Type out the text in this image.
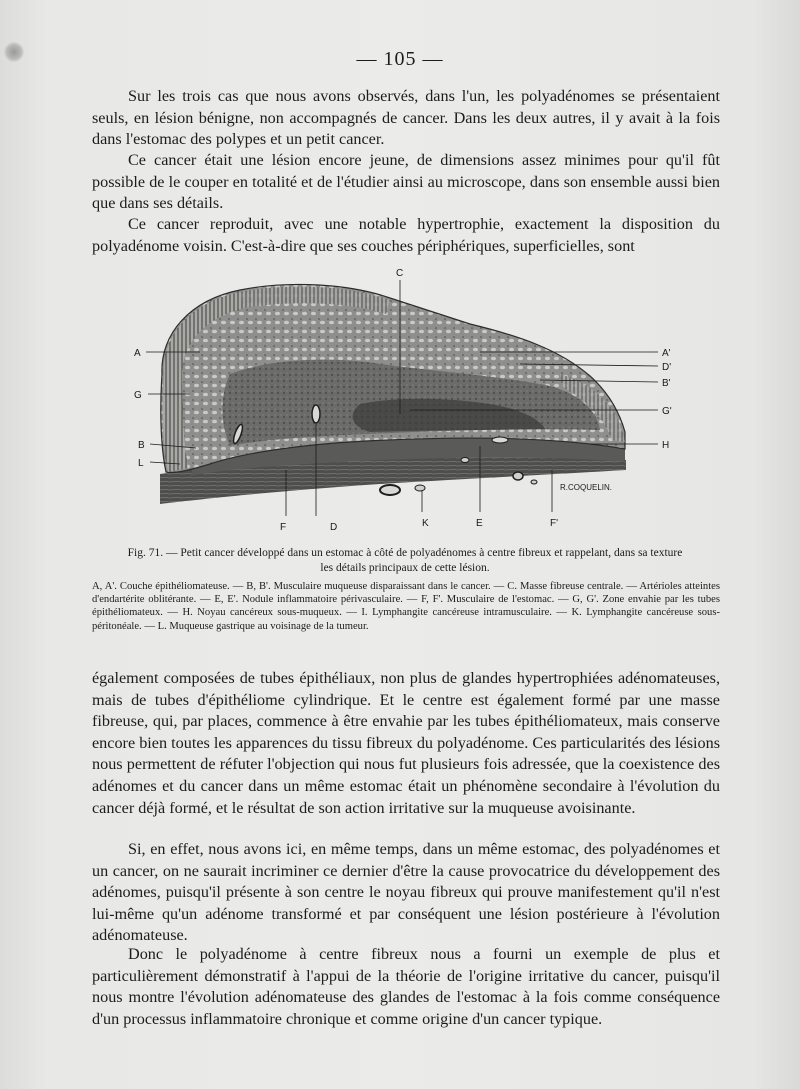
— 105 —

Sur les trois cas que nous avons observés, dans l'un, les polyadénomes se présentaient seuls, en lésion bénigne, non accompagnés de cancer. Dans les deux autres, il y avait à la fois dans l'estomac des polypes et un petit cancer.

Ce cancer était une lésion encore jeune, de dimensions assez minimes pour qu'il fût possible de le couper en totalité et de l'étudier ainsi au microscope, dans son ensemble aussi bien que dans ses détails.

Ce cancer reproduit, avec une notable hypertrophie, exactement la disposition du polyadénome voisin. C'est-à-dire que ses couches périphériques, superficielles, sont

C
A
G
B
L
A'
D'
B'
G'
H
F	D	K	E	F'
R.COQUELIN.

Fig. 71. — Petit cancer développé dans un estomac à côté de polyadénomes à centre fibreux et rappelant, dans sa texture les détails principaux de cette lésion.

A, A'. Couche épithéliomateuse. — B, B'. Musculaire muqueuse disparaissant dans le cancer. — C. Masse fibreuse centrale. — Artérioles atteintes d'endartérite oblitérante. — E, E'. Nodule inflammatoire périvasculaire. — F, F'. Musculaire de l'estomac. — G, G'. Zone envahie par les tubes épithéliomateux. — H. Noyau cancéreux sous-muqueux. — I. Lymphangite cancéreuse intramusculaire. — K. Lymphangite cancéreuse sous-péritonéale. — L. Muqueuse gastrique au voisinage de la tumeur.

également composées de tubes épithéliaux, non plus de glandes hypertrophiées adénomateuses, mais de tubes d'épithéliome cylindrique. Et le centre est également formé par une masse fibreuse, qui, par places, commence à être envahie par les tubes épithéliomateux, mais conserve encore bien toutes les apparences du tissu fibreux du polyadénome. Ces particularités des lésions nous permettent de réfuter l'objection qui nous fut plusieurs fois adressée, que la coexistence des adénomes et du cancer dans un même estomac était un phénomène secondaire à l'évolution du cancer déjà formé, et le résultat de son action irritative sur la muqueuse avoisinante.

Si, en effet, nous avons ici, en même temps, dans un même estomac, des polyadénomes et un cancer, on ne saurait incriminer ce dernier d'être la cause provocatrice du développement des adénomes, puisqu'il présente à son centre le noyau fibreux qui prouve manifestement qu'il n'est lui-même qu'un adénome transformé et par conséquent une lésion postérieure à l'évolution adénomateuse.

Donc le polyadénome à centre fibreux nous a fourni un exemple de plus et particulièrement démonstratif à l'appui de la théorie de l'origine irritative du cancer, puisqu'il nous montre l'évolution adénomateuse des glandes de l'estomac à la fois comme conséquence d'un processus inflammatoire chronique et comme origine d'un cancer typique.
